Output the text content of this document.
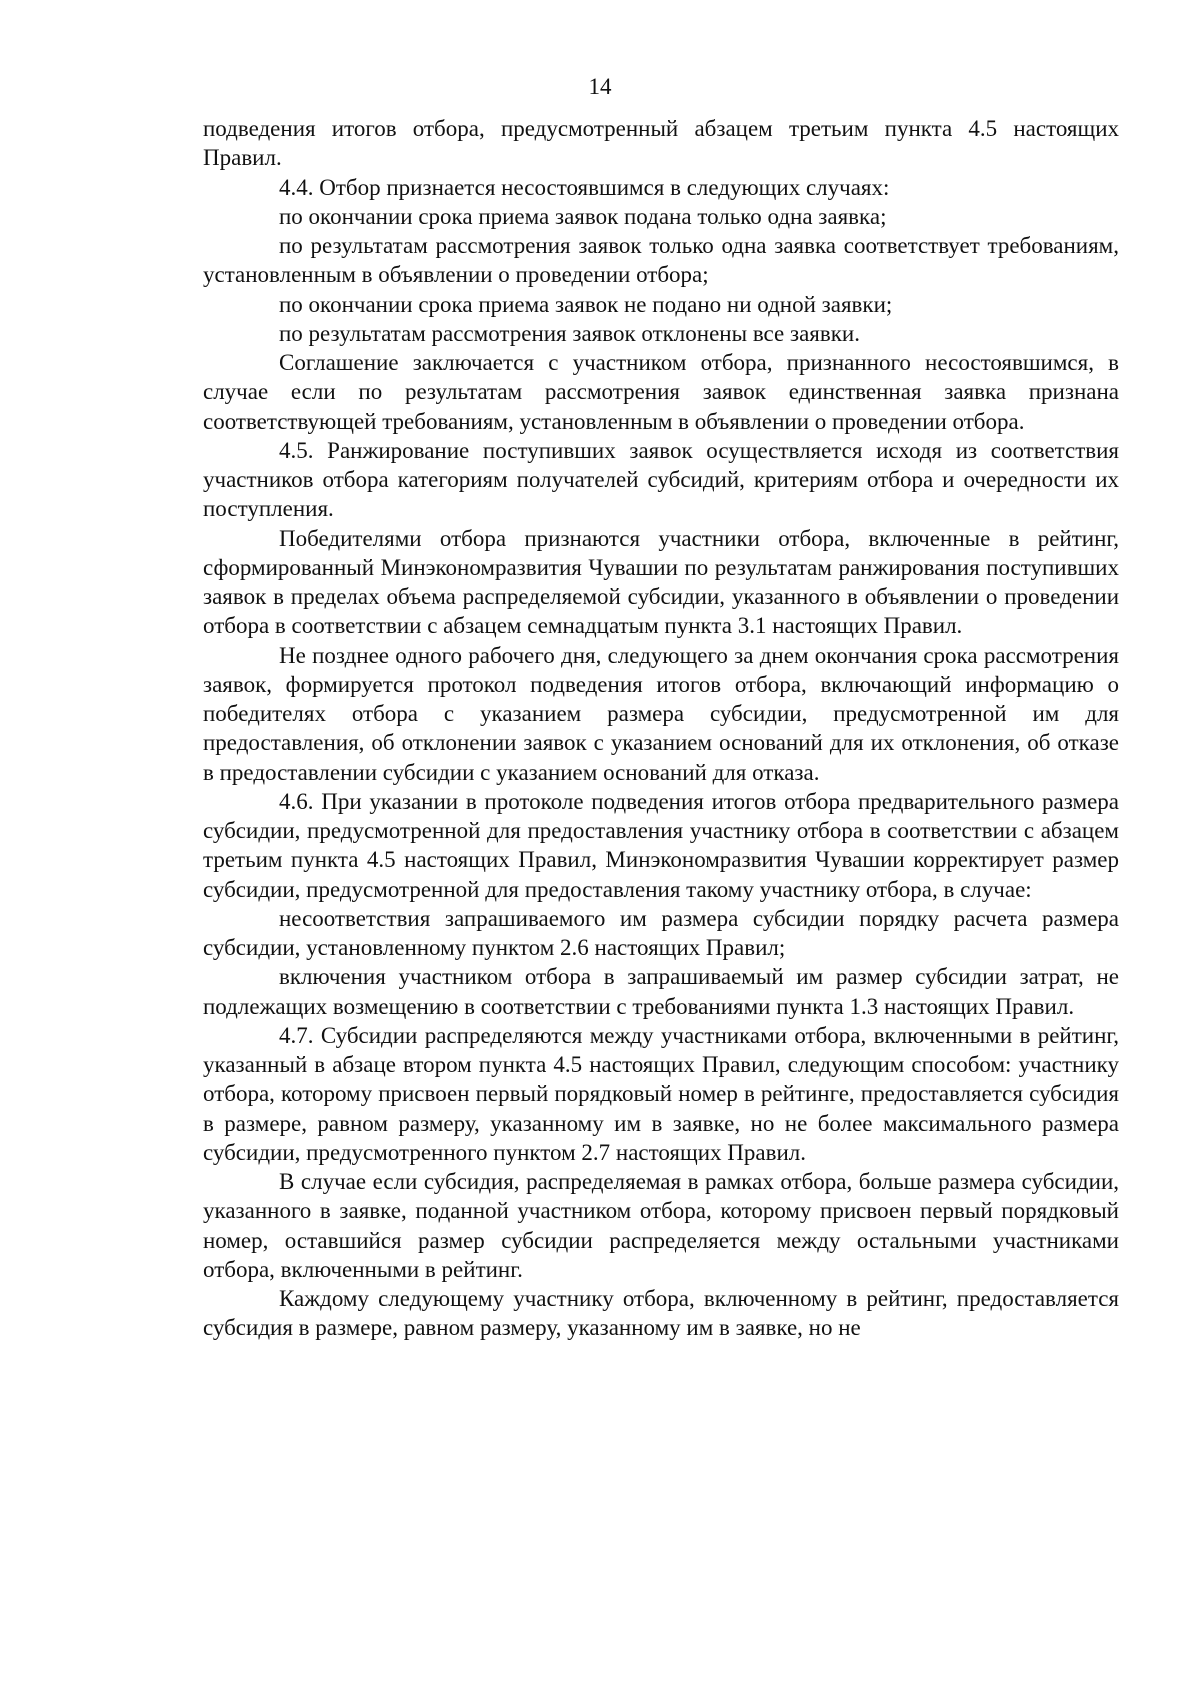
14

подведения итогов отбора, предусмотренный абзацем третьим пункта 4.5 настоящих Правил.

4.4. Отбор признается несостоявшимся в следующих случаях:

по окончании срока приема заявок подана только одна заявка;

по результатам рассмотрения заявок только одна заявка соответствует требованиям, установленным в объявлении о проведении отбора;

по окончании срока приема заявок не подано ни одной заявки;

по результатам рассмотрения заявок отклонены все заявки.

Соглашение заключается с участником отбора, признанного несостоявшимся, в случае если по результатам рассмотрения заявок единственная заявка признана соответствующей требованиям, установленным в объявлении о проведении отбора.

4.5. Ранжирование поступивших заявок осуществляется исходя из соответствия участников отбора категориям получателей субсидий, критериям отбора и очередности их поступления.

Победителями отбора признаются участники отбора, включенные в рейтинг, сформированный Минэкономразвития Чувашии по результатам ранжирования поступивших заявок в пределах объема распределяемой субсидии, указанного в объявлении о проведении отбора в соответствии с абзацем семнадцатым пункта 3.1 настоящих Правил.

Не позднее одного рабочего дня, следующего за днем окончания срока рассмотрения заявок, формируется протокол подведения итогов отбора, включающий информацию о победителях отбора с указанием размера субсидии, предусмотренной им для предоставления, об отклонении заявок с указанием оснований для их отклонения, об отказе в предоставлении субсидии с указанием оснований для отказа.

4.6. При указании в протоколе подведения итогов отбора предварительного размера субсидии, предусмотренной для предоставления участнику отбора в соответствии с абзацем третьим пункта 4.5 настоящих Правил, Минэкономразвития Чувашии корректирует размер субсидии, предусмотренной для предоставления такому участнику отбора, в случае:

несоответствия запрашиваемого им размера субсидии порядку расчета размера субсидии, установленному пунктом 2.6 настоящих Правил;

включения участником отбора в запрашиваемый им размер субсидии затрат, не подлежащих возмещению в соответствии с требованиями пункта 1.3 настоящих Правил.

4.7. Субсидии распределяются между участниками отбора, включенными в рейтинг, указанный в абзаце втором пункта 4.5 настоящих Правил, следующим способом: участнику отбора, которому присвоен первый порядковый номер в рейтинге, предоставляется субсидия в размере, равном размеру, указанному им в заявке, но не более максимального размера субсидии, предусмотренного пунктом 2.7 настоящих Правил.

В случае если субсидия, распределяемая в рамках отбора, больше размера субсидии, указанного в заявке, поданной участником отбора, которому присвоен первый порядковый номер, оставшийся размер субсидии распределяется между остальными участниками отбора, включенными в рейтинг.

Каждому следующему участнику отбора, включенному в рейтинг, предоставляется субсидия в размере, равном размеру, указанному им в заявке, но не
